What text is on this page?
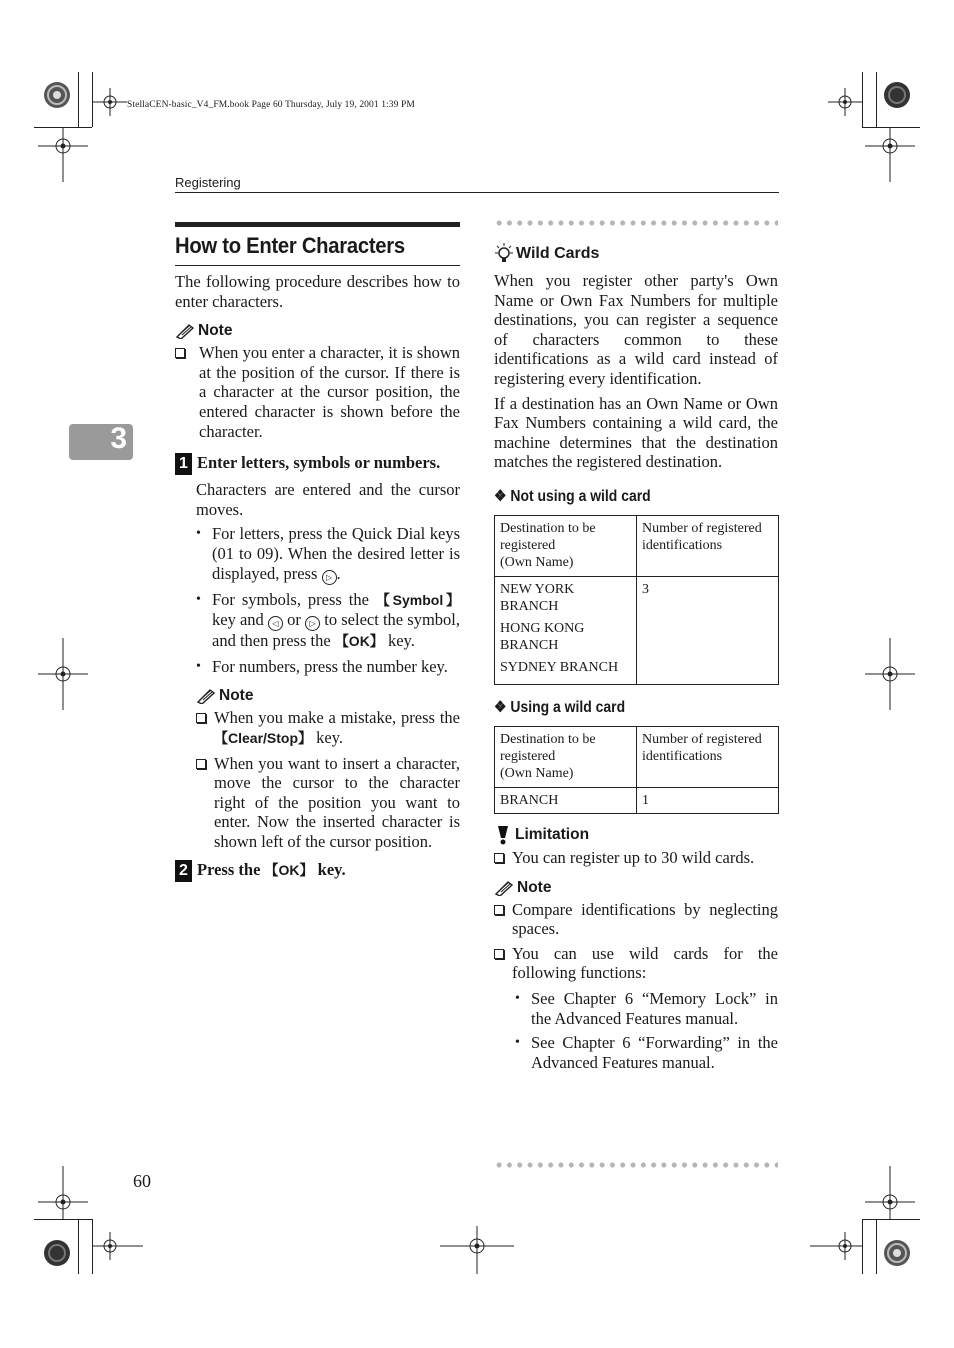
StellaCEN-basic_V4_FM.book Page 60 Thursday, July 19, 2001 1:39 PM
Registering
3
How to Enter Characters

The following procedure describes how to enter characters.

Note
When you enter a character, it is shown at the position of the cursor. If there is a character at the cursor position, the entered character is shown before the character.
1 Enter letters, symbols or numbers.

Characters are entered and the cursor moves.

• For letters, press the Quick Dial keys (01 to 09). When the desired letter is displayed, press ▷ .
• For symbols, press the 【Symbol】 key and ◁ or ▷ to select the symbol, and then press the 【OK】 key.
• For numbers, press the number key.
Note
When you make a mistake, press the 【Clear/Stop】 key.
When you want to insert a character, move the cursor to the character right of the position you want to enter. Now the inserted character is shown left of the cursor position.
2 Press the 【OK】 key.
Wild Cards

When you register other party's Own Name or Own Fax Numbers for multiple destinations, you can register a sequence of characters common to these identifications as a wild card instead of registering every identification.

If a destination has an Own Name or Own Fax Numbers containing a wild card, the machine determines that the destination matches the registered destination.

❖ Not using a wild card
Destination to be
registered
(Own Name)	Number of registered identifications

NEW YORK BRANCH
HONG KONG BRANCH
SYDNEY BRANCH	3
❖ Using a wild card
Destination to be
registered
(Own Name)	Number of registered identifications
BRANCH	1
Limitation
You can register up to 30 wild cards.
Note
Compare identifications by neglecting spaces.
You can use wild cards for the following functions:
• See Chapter 6 “Memory Lock” in the Advanced Features manual.
• See Chapter 6 “Forwarding” in the Advanced Features manual.
60
